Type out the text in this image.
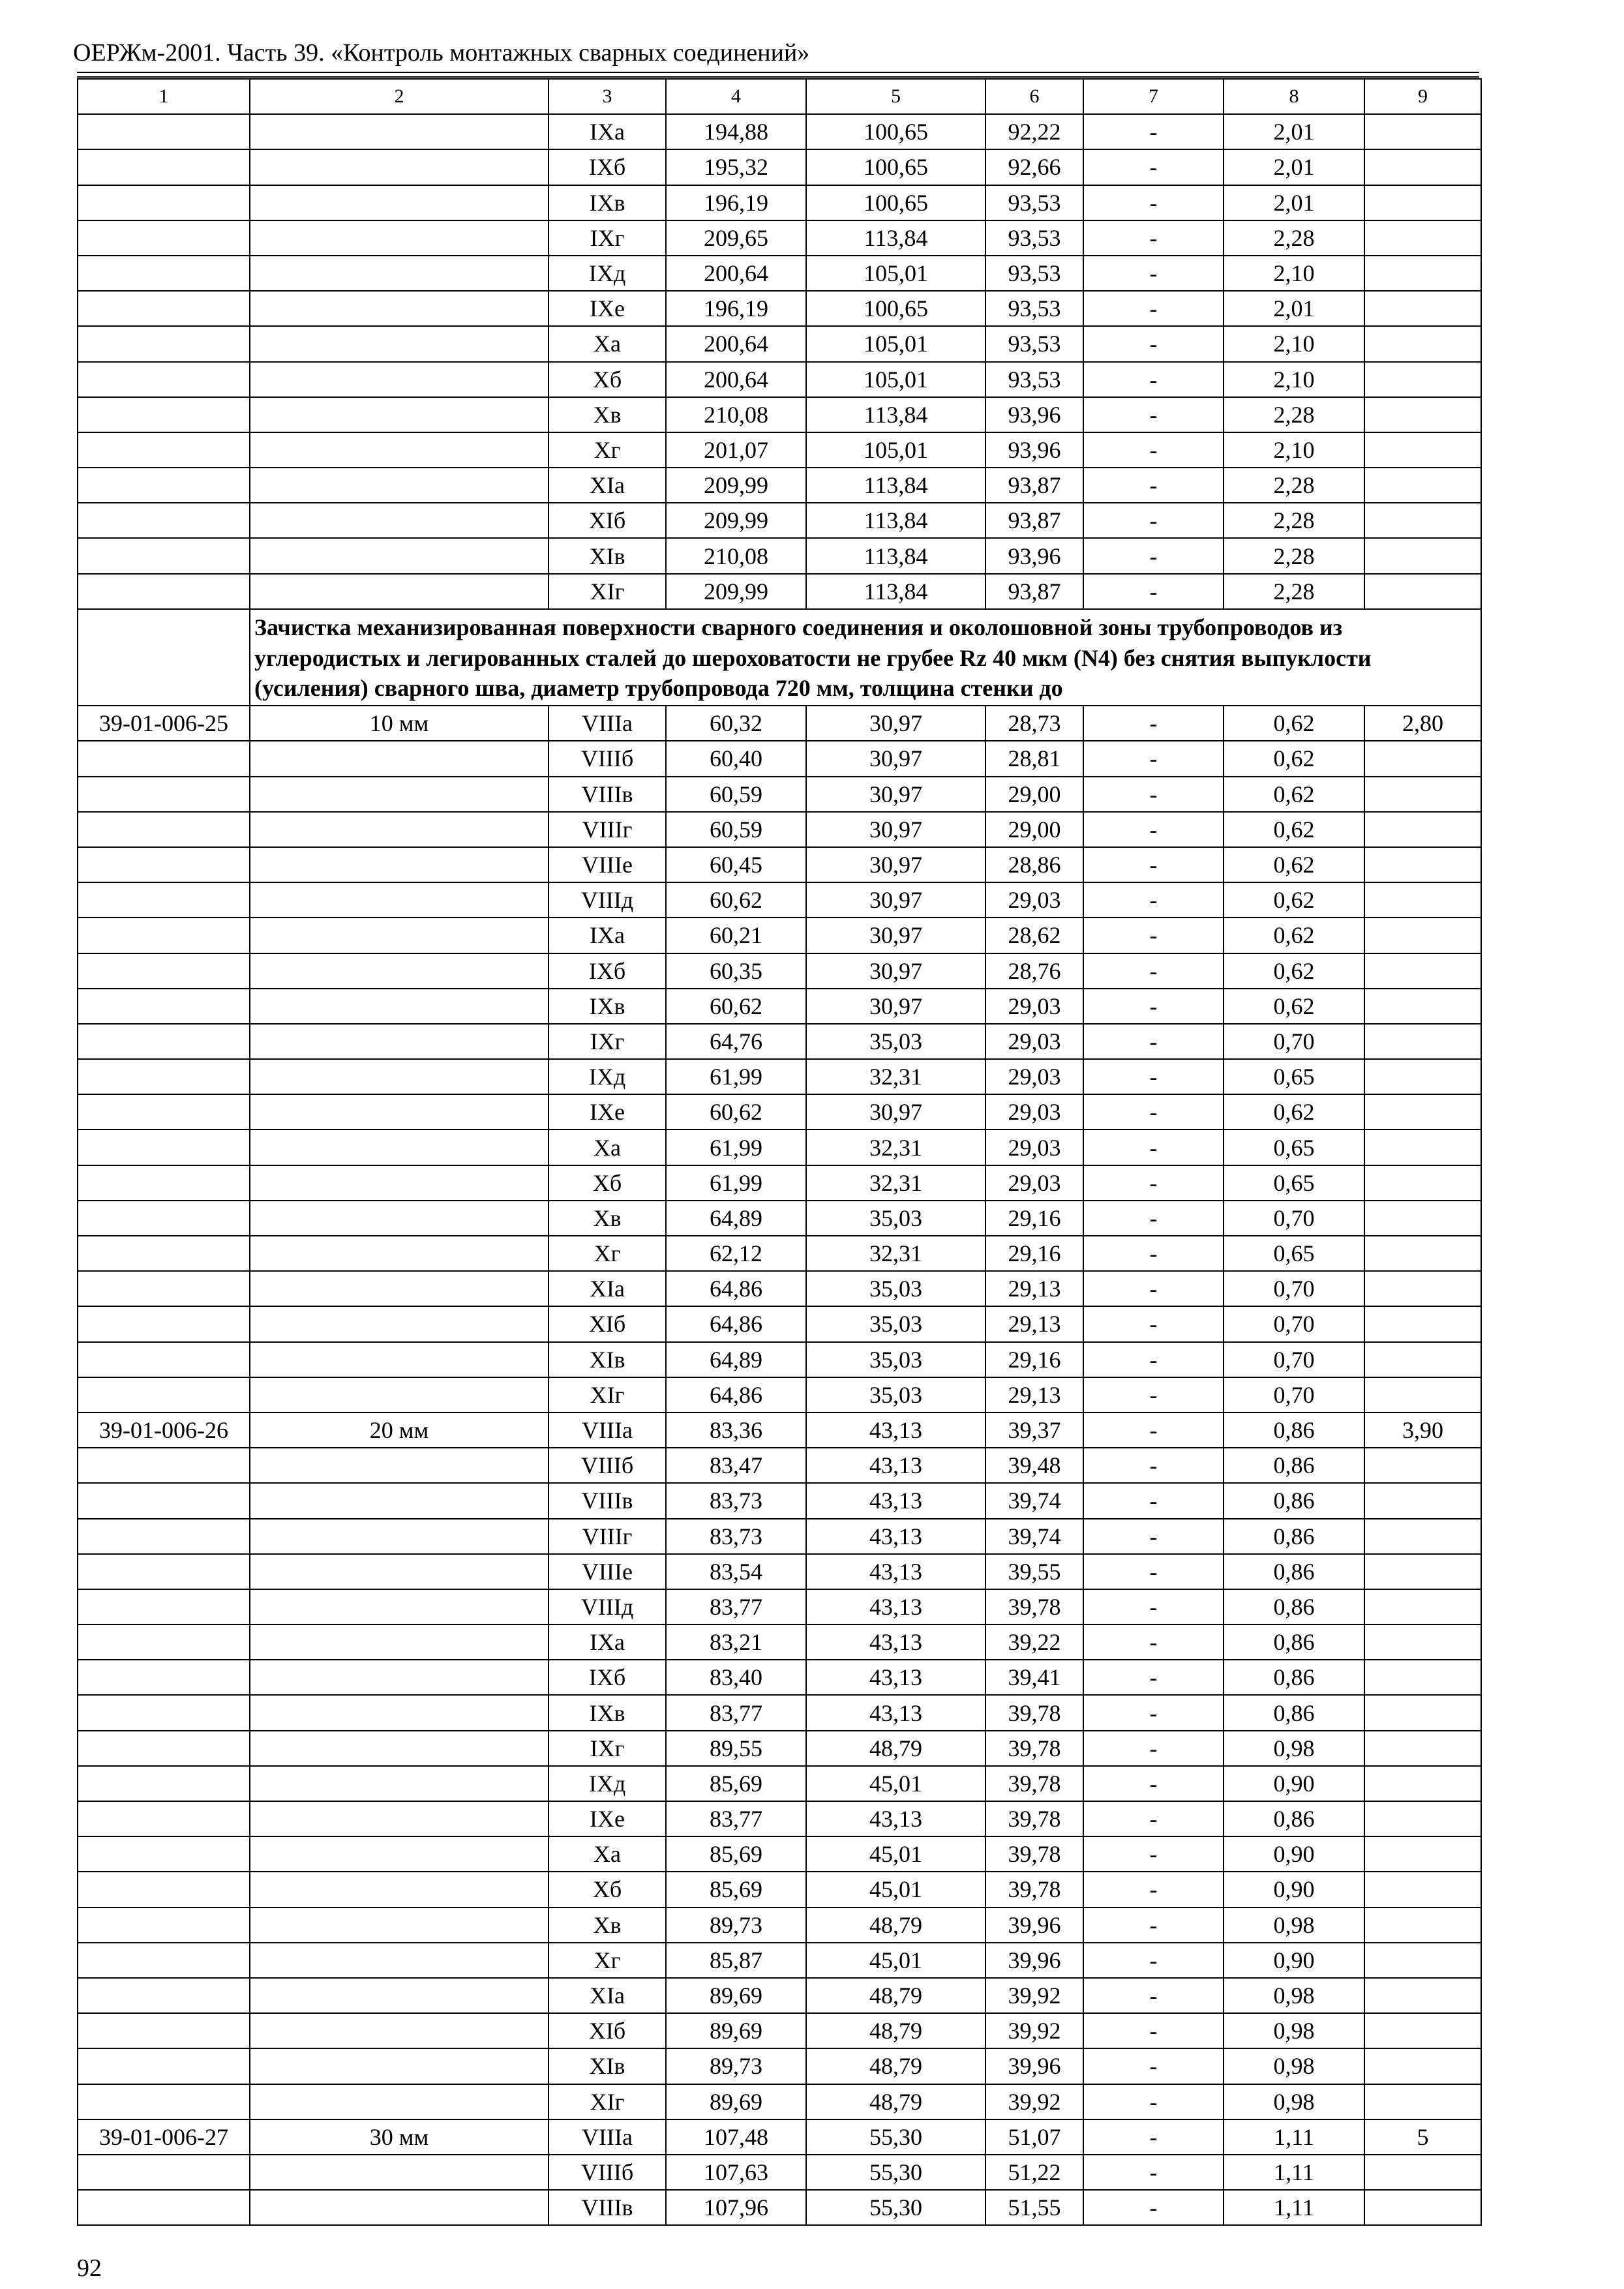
ОЕРЖм-2001. Часть 39. «Контроль монтажных сварных соединений»
1	2	3	4	5	6	7	8	9
		IXа	194,88	100,65	92,22	-	2,01	
		IXб	195,32	100,65	92,66	-	2,01	
		IXв	196,19	100,65	93,53	-	2,01	
		IXг	209,65	113,84	93,53	-	2,28	
		IXд	200,64	105,01	93,53	-	2,10	
		IXе	196,19	100,65	93,53	-	2,01	
		Xа	200,64	105,01	93,53	-	2,10	
		Xб	200,64	105,01	93,53	-	2,10	
		Xв	210,08	113,84	93,96	-	2,28	
		Xг	201,07	105,01	93,96	-	2,10	
		XIа	209,99	113,84	93,87	-	2,28	
		XIб	209,99	113,84	93,87	-	2,28	
		XIв	210,08	113,84	93,96	-	2,28	
		XIг	209,99	113,84	93,87	-	2,28	
	Зачистка механизированная поверхности сварного соединения и околошовной зоны трубопроводов из углеродистых и легированных сталей до шероховатости не грубее Rz 40 мкм (N4) без снятия выпуклости (усиления) сварного шва, диаметр трубопровода 720 мм, толщина стенки до							
39-01-006-25	10 мм	VIIIа	60,32	30,97	28,73	-	0,62	2,80
		VIIIб	60,40	30,97	28,81	-	0,62	
		VIIIв	60,59	30,97	29,00	-	0,62	
		VIIIг	60,59	30,97	29,00	-	0,62	
		VIIIе	60,45	30,97	28,86	-	0,62	
		VIIIд	60,62	30,97	29,03	-	0,62	
		IXа	60,21	30,97	28,62	-	0,62	
		IXб	60,35	30,97	28,76	-	0,62	
		IXв	60,62	30,97	29,03	-	0,62	
		IXг	64,76	35,03	29,03	-	0,70	
		IXд	61,99	32,31	29,03	-	0,65	
		IXе	60,62	30,97	29,03	-	0,62	
		Xа	61,99	32,31	29,03	-	0,65	
		Xб	61,99	32,31	29,03	-	0,65	
		Xв	64,89	35,03	29,16	-	0,70	
		Xг	62,12	32,31	29,16	-	0,65	
		XIа	64,86	35,03	29,13	-	0,70	
		XIб	64,86	35,03	29,13	-	0,70	
		XIв	64,89	35,03	29,16	-	0,70	
		XIг	64,86	35,03	29,13	-	0,70	
39-01-006-26	20 мм	VIIIа	83,36	43,13	39,37	-	0,86	3,90
		VIIIб	83,47	43,13	39,48	-	0,86	
		VIIIв	83,73	43,13	39,74	-	0,86	
		VIIIг	83,73	43,13	39,74	-	0,86	
		VIIIе	83,54	43,13	39,55	-	0,86	
		VIIIд	83,77	43,13	39,78	-	0,86	
		IXа	83,21	43,13	39,22	-	0,86	
		IXб	83,40	43,13	39,41	-	0,86	
		IXв	83,77	43,13	39,78	-	0,86	
		IXг	89,55	48,79	39,78	-	0,98	
		IXд	85,69	45,01	39,78	-	0,90	
		IXе	83,77	43,13	39,78	-	0,86	
		Xа	85,69	45,01	39,78	-	0,90	
		Xб	85,69	45,01	39,78	-	0,90	
		Xв	89,73	48,79	39,96	-	0,98	
		Xг	85,87	45,01	39,96	-	0,90	
		XIа	89,69	48,79	39,92	-	0,98	
		XIб	89,69	48,79	39,92	-	0,98	
		XIв	89,73	48,79	39,96	-	0,98	
		XIг	89,69	48,79	39,92	-	0,98	
39-01-006-27	30 мм	VIIIа	107,48	55,30	51,07	-	1,11	5
		VIIIб	107,63	55,30	51,22	-	1,11	
		VIIIв	107,96	55,30	51,55	-	1,11	
92
